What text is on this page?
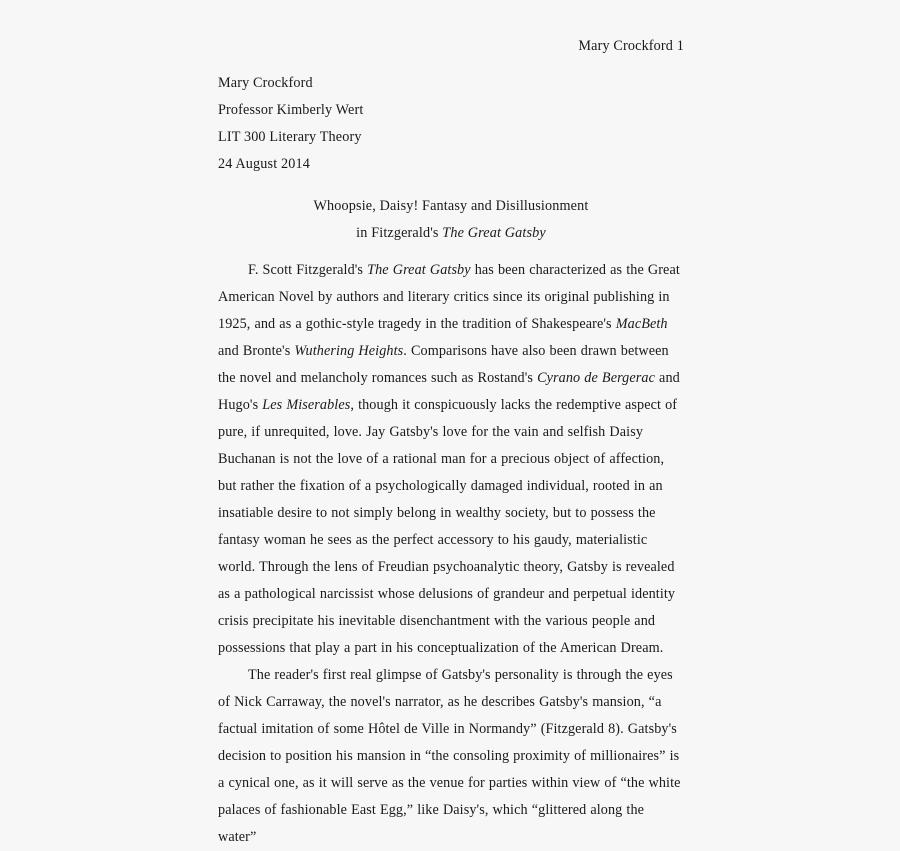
Mary Crockford 1

Mary Crockford

Professor Kimberly Wert

LIT 300 Literary Theory

24 August 2014

Whoopsie, Daisy! Fantasy and Disillusionment

in Fitzgerald's The Great Gatsby

F. Scott Fitzgerald's The Great Gatsby has been characterized as the Great American Novel by authors and literary critics since its original publishing in 1925, and as a gothic-style tragedy in the tradition of Shakespeare's MacBeth and Bronte's Wuthering Heights. Comparisons have also been drawn between the novel and melancholy romances such as Rostand's Cyrano de Bergerac and Hugo's Les Miserables, though it conspicuously lacks the redemptive aspect of pure, if unrequited, love. Jay Gatsby's love for the vain and selfish Daisy Buchanan is not the love of a rational man for a precious object of affection, but rather the fixation of a psychologically damaged individual, rooted in an insatiable desire to not simply belong in wealthy society, but to possess the fantasy woman he sees as the perfect accessory to his gaudy, materialistic world. Through the lens of Freudian psychoanalytic theory, Gatsby is revealed as a pathological narcissist whose delusions of grandeur and perpetual identity crisis precipitate his inevitable disenchantment with the various people and possessions that play a part in his conceptualization of the American Dream.

The reader's first real glimpse of Gatsby's personality is through the eyes of Nick Carraway, the novel's narrator, as he describes Gatsby's mansion, “a factual imitation of some Hôtel de Ville in Normandy” (Fitzgerald 8). Gatsby's decision to position his mansion in “the consoling proximity of millionaires” is a cynical one, as it will serve as the venue for parties within view of “the white palaces of fashionable East Egg,” like Daisy's, which “glittered along the water”
